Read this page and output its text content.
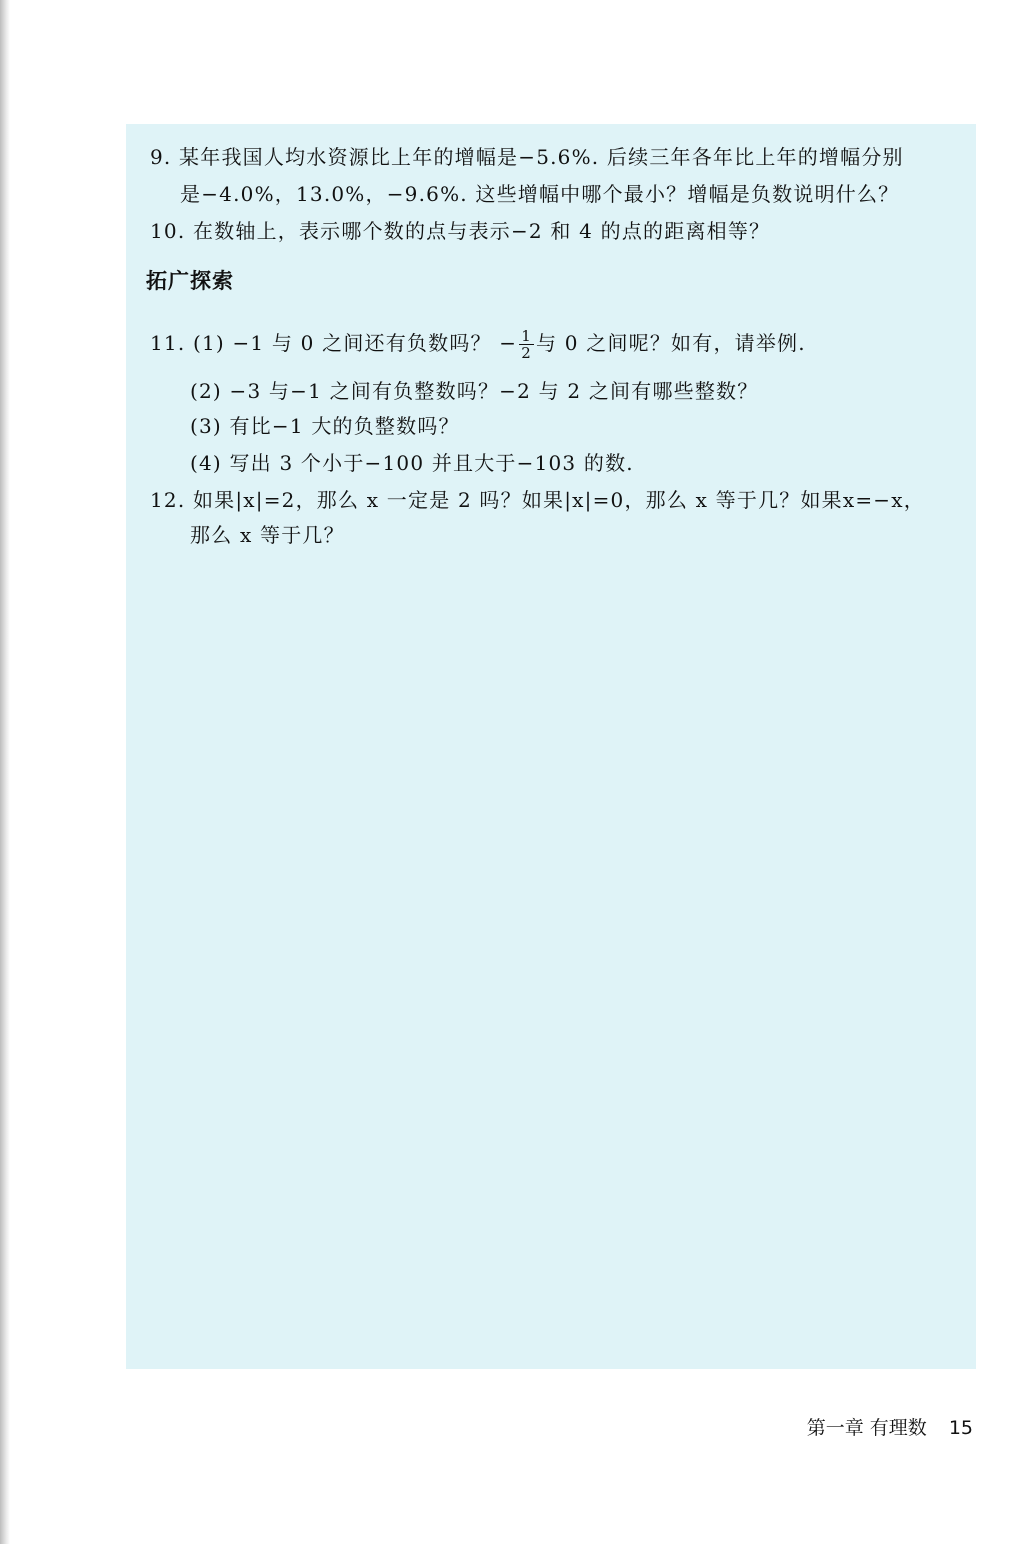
9. 某年我国人均水资源比上年的增幅是−5.6%. 后续三年各年比上年的增幅分别
是−4.0%，13.0%，−9.6%. 这些增幅中哪个最小？增幅是负数说明什么？
10. 在数轴上，表示哪个数的点与表示−2 和 4 的点的距离相等？
拓广探索
11. (1) −1 与 0 之间还有负数吗？ − $\frac{1}{2}$ 与 0 之间呢？如有，请举例.
(2) −3 与−1 之间有负整数吗？−2 与 2 之间有哪些整数？
(3) 有比−1 大的负整数吗？
(4) 写出 3 个小于−100 并且大于−103 的数.
12. 如果|x|=2，那么 x 一定是 2 吗？如果|x|=0，那么 x 等于几？如果x=−x，
那么 x 等于几？
第一章 有理数 15
